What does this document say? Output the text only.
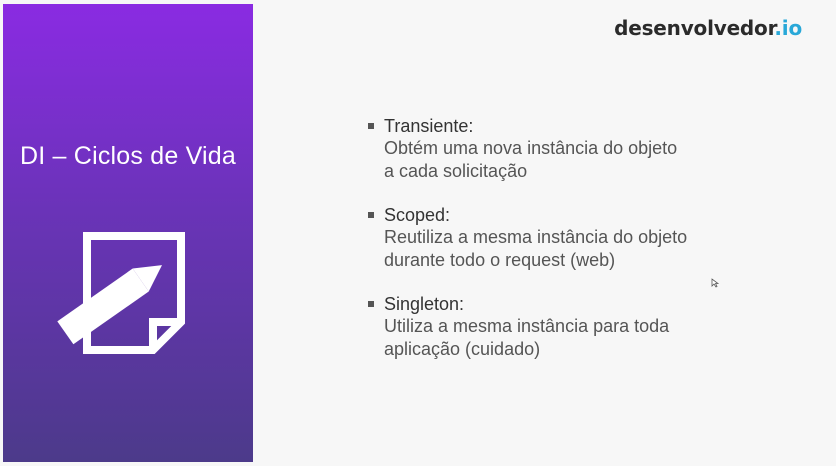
DI – Ciclos de Vida
desenvolvedor.io
Transiente:
Obtém uma nova instância do objeto
a cada solicitação
Scoped:
Reutiliza a mesma instância do objeto
durante todo o request (web)
Singleton:
Utiliza a mesma instância para toda
aplicação (cuidado)
